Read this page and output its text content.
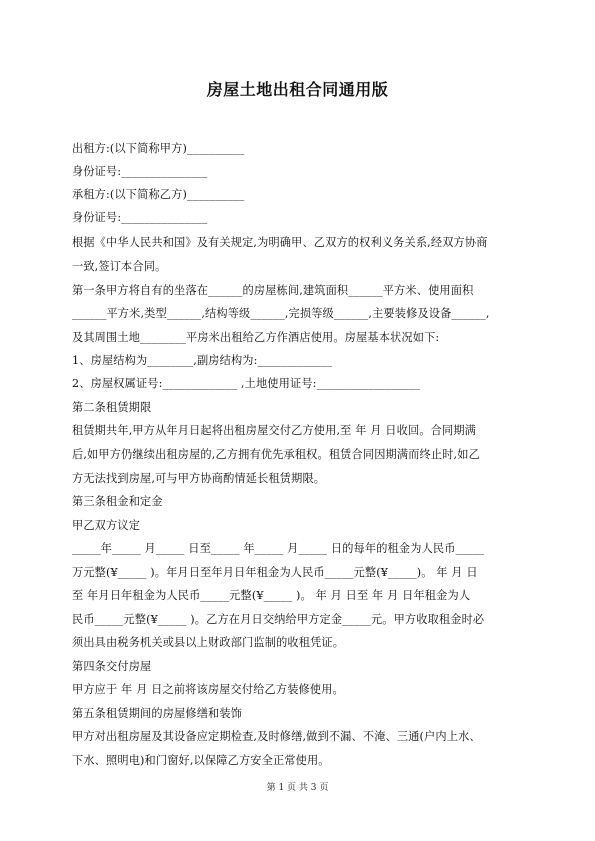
房屋土地出租合同通用版
出租方:(以下简称甲方)__________
身份证号:_______________
承租方:(以下简称乙方)__________
身份证号:_______________
根据《中华人民共和国》及有关规定,为明确甲、乙双方的权利义务关系,经双方协商
一致,签订本合同。
第一条甲方将自有的坐落在______的房屋栋间,建筑面积______平方米、使用面积
______平方米,类型______,结构等级______,完损等级______,主要装修及设备______,
及其周围土地________平房米出租给乙方作酒店使用。房屋基本状况如下:
1、房屋结构为________,副房结构为:_____________
2、房屋权属证号:_____________ ,土地使用证号:__________________
第二条租赁期限
租赁期共年,甲方从年月日起将出租房屋交付乙方使用,至 年 月 日收回。合同期满
后,如甲方仍继续出租房屋的,乙方拥有优先承租权。租赁合同因期满而终止时,如乙
方无法找到房屋,可与甲方协商酌情延长租赁期限。
第三条租金和定金
甲乙双方议定
_____年_____ 月_____ 日至_____ 年_____ 月_____ 日的每年的租金为人民币_____
万元整(¥_____ )。年月日至年月日年租金为人民币_____元整(¥_____)。 年 月 日
至 年月日年租金为人民币_____元整(¥_____ )。 年 月 日至 年 月 日年租金为人
民币_____元整(¥_____ )。乙方在月日交纳给甲方定金_____元。甲方收取租金时必
须出具由税务机关或县以上财政部门监制的收租凭证。
第四条交付房屋
甲方应于 年 月 日之前将该房屋交付给乙方装修使用。
第五条租赁期间的房屋修缮和装饰
甲方对出租房屋及其设备应定期检查,及时修缮,做到不漏、不淹、三通(户内上水、
下水、照明电)和门窗好,以保障乙方安全正常使用。
第 1 页 共 3 页
